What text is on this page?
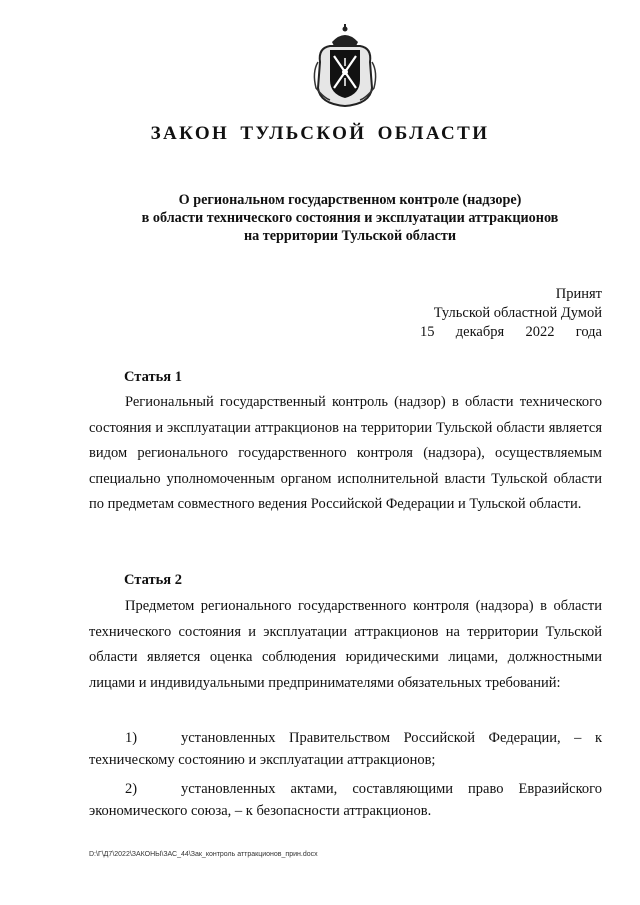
ЗАКОН ТУЛЬСКОЙ ОБЛАСТИ
О региональном государственном контроле (надзоре)
в области технического состояния и эксплуатации аттракционов
на территории Тульской области
Принят
Тульской областной Думой
15 декабря 2022 года
Статья 1

Региональный государственный контроль (надзор) в области технического состояния и эксплуатации аттракционов на территории Тульской области является видом регионального государственного контроля (надзора), осуществляемым специально уполномоченным органом исполнительной власти Тульской области по предметам совместного ведения Российской Федерации и Тульской области.

Статья 2

Предметом регионального государственного контроля (надзора) в области технического состояния и эксплуатации аттракционов на территории Тульской области является оценка соблюдения юридическими лицами, должностными лицами и индивидуальными предпринимателями обязательных требований:

1)	установленных Правительством Российской Федерации, – к техническому состоянию и эксплуатации аттракционов;

2)	установленных актами, составляющими право Евразийского экономического союза, – к безопасности аттракционов.

D:\Г\Д7\2022\ЗАКОНЫ\ЗАС_44\Зак_контроль аттракционов_прин.docx
